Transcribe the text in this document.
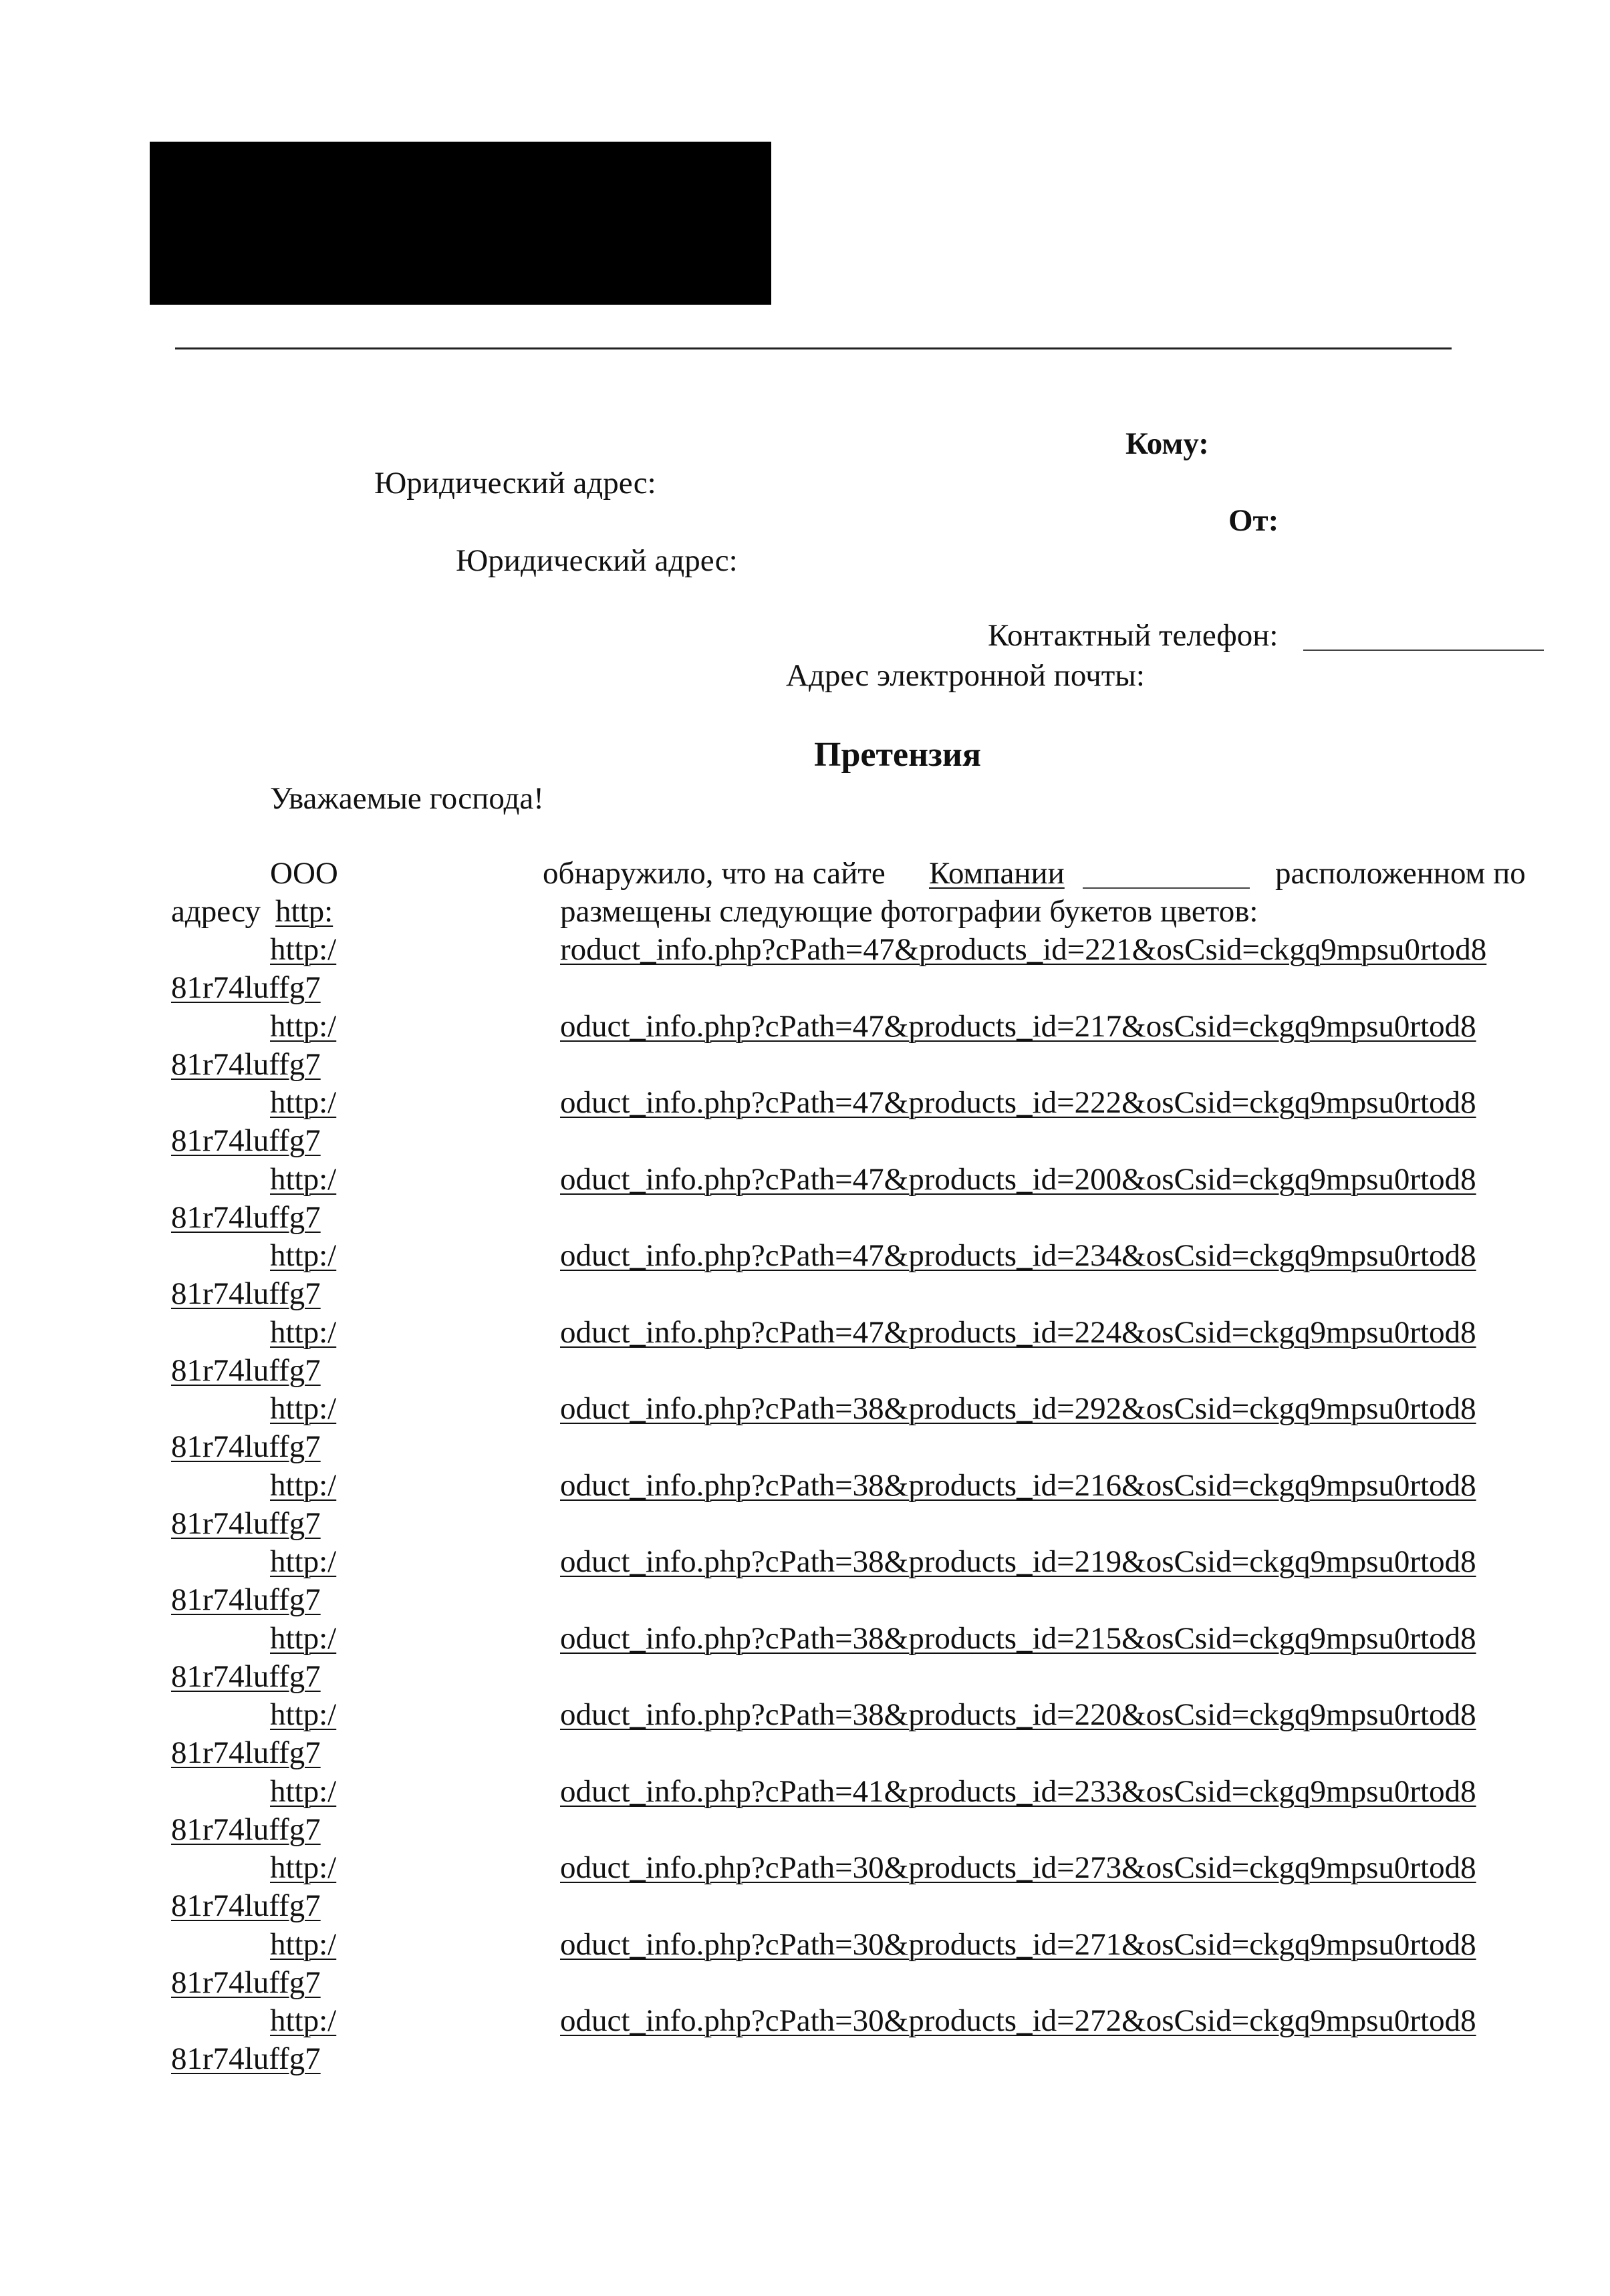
Кому:
Юридический адрес:
От:
Юридический адрес:
Контактный телефон:
Адрес электронной почты:
Претензия
Уважаемые господа!
ООО	обнаружило, что на сайте Компании	расположенном по
адресу http:	размещены следующие фотографии букетов цветов:
http:/	roduct_info.php?cPath=47&products_id=221&osCsid=ckgq9mpsu0rtod8
81r74luffg7
http:/	oduct_info.php?cPath=47&products_id=217&osCsid=ckgq9mpsu0rtod8
81r74luffg7
http:/	oduct_info.php?cPath=47&products_id=222&osCsid=ckgq9mpsu0rtod8
81r74luffg7
http:/	oduct_info.php?cPath=47&products_id=200&osCsid=ckgq9mpsu0rtod8
81r74luffg7
http:/	oduct_info.php?cPath=47&products_id=234&osCsid=ckgq9mpsu0rtod8
81r74luffg7
http:/	oduct_info.php?cPath=47&products_id=224&osCsid=ckgq9mpsu0rtod8
81r74luffg7
http:/	oduct_info.php?cPath=38&products_id=292&osCsid=ckgq9mpsu0rtod8
81r74luffg7
http:/	oduct_info.php?cPath=38&products_id=216&osCsid=ckgq9mpsu0rtod8
81r74luffg7
http:/	oduct_info.php?cPath=38&products_id=219&osCsid=ckgq9mpsu0rtod8
81r74luffg7
http:/	oduct_info.php?cPath=38&products_id=215&osCsid=ckgq9mpsu0rtod8
81r74luffg7
http:/	oduct_info.php?cPath=38&products_id=220&osCsid=ckgq9mpsu0rtod8
81r74luffg7
http:/	oduct_info.php?cPath=41&products_id=233&osCsid=ckgq9mpsu0rtod8
81r74luffg7
http:/	oduct_info.php?cPath=30&products_id=273&osCsid=ckgq9mpsu0rtod8
81r74luffg7
http:/	oduct_info.php?cPath=30&products_id=271&osCsid=ckgq9mpsu0rtod8
81r74luffg7
http:/	oduct_info.php?cPath=30&products_id=272&osCsid=ckgq9mpsu0rtod8
81r74luffg7
